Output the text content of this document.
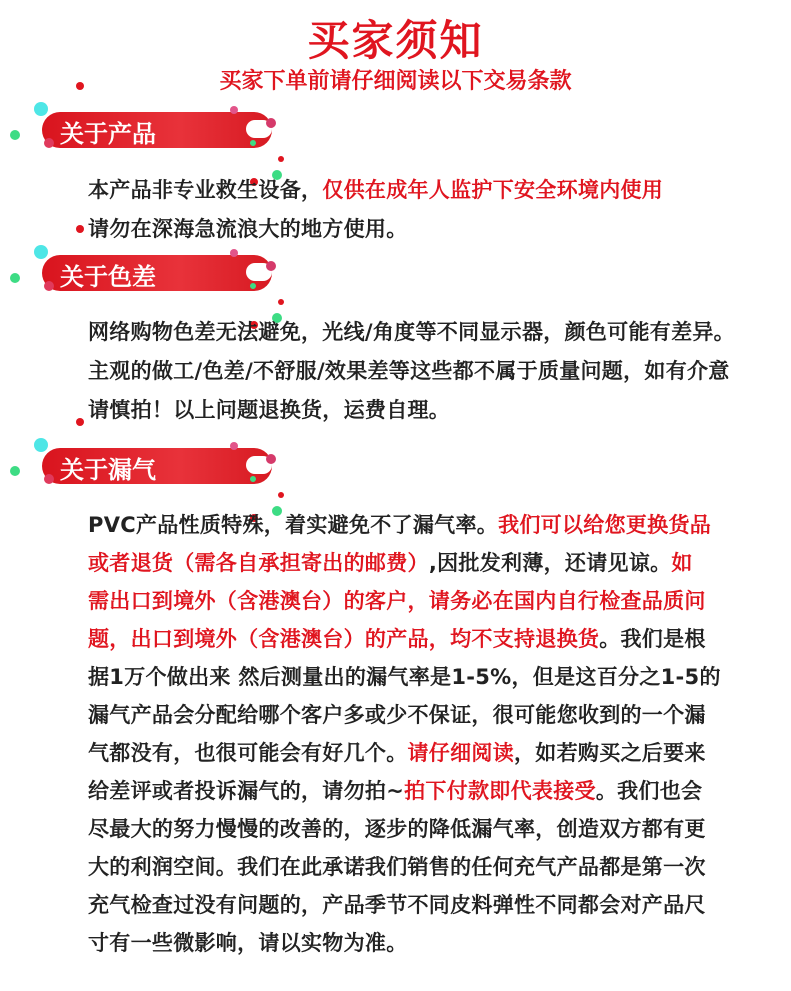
买家须知
买家下单前请仔细阅读以下交易条款
关于产品
本产品非专业救生设备，仅供在成年人监护下安全环境内使用
请勿在深海急流浪大的地方使用。
关于色差
网络购物色差无法避免，光线/角度等不同显示器，颜色可能有差异。
主观的做工/色差/不舒服/效果差等这些都不属于质量问题，如有介意
请慎拍！以上问题退换货，运费自理。
关于漏气
PVC产品性质特殊，着实避免不了漏气率。我们可以给您更换货品
或者退货（需各自承担寄出的邮费）,因批发利薄，还请见谅。如
需出口到境外（含港澳台）的客户，请务必在国内自行检查品质问
题，出口到境外（含港澳台）的产品，均不支持退换货。我们是根
据1万个做出来 然后测量出的漏气率是1-5%，但是这百分之1-5的
漏气产品会分配给哪个客户多或少不保证，很可能您收到的一个漏
气都没有，也很可能会有好几个。请仔细阅读，如若购买之后要来
给差评或者投诉漏气的，请勿拍~拍下付款即代表接受。我们也会
尽最大的努力慢慢的改善的，逐步的降低漏气率，创造双方都有更
大的利润空间。我们在此承诺我们销售的任何充气产品都是第一次
充气检查过没有问题的，产品季节不同皮料弹性不同都会对产品尺
寸有一些微影响，请以实物为准。
